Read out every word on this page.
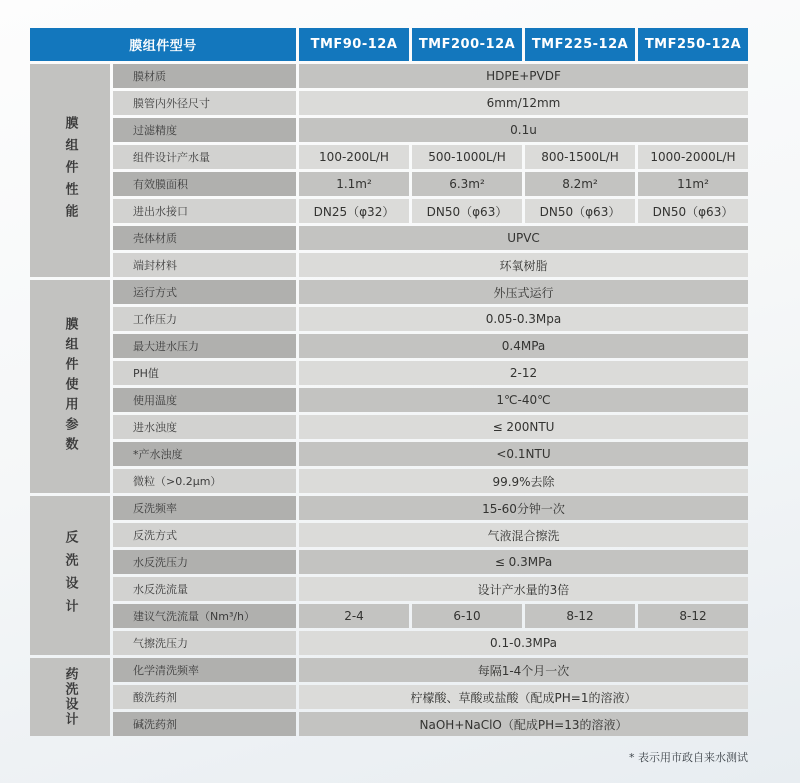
膜组件型号	TMF90-12A	TMF200-12A	TMF225-12A	TMF250-12A
膜组件性能
膜材质	HDPE+PVDF
膜管内外径尺寸	6mm/12mm
过滤精度	0.1u
组件设计产水量	100-200L/H	500-1000L/H	800-1500L/H	1000-2000L/H
有效膜面积	1.1m²	6.3m²	8.2m²	11m²
进出水接口	DN25（φ32）	DN50（φ63）	DN50（φ63）	DN50（φ63）
壳体材质	UPVC
端封材料	环氧树脂
膜组件使用参数
运行方式	外压式运行
工作压力	0.05-0.3Mpa
最大进水压力	0.4MPa
PH值	2-12
使用温度	1℃-40℃
进水浊度	≤ 200NTU
*产水浊度	<0.1NTU
微粒（>0.2μm）	99.9%去除
反洗设计
反洗频率	15-60分钟一次
反洗方式	气液混合擦洗
水反洗压力	≤ 0.3MPa
水反洗流量	设计产水量的3倍
建议气洗流量（Nm³/h）	2-4	6-10	8-12	8-12
气擦洗压力	0.1-0.3MPa
药洗设计	化学清洗频率	每隔1-4个月一次
酸洗药剂	柠檬酸、草酸或盐酸（配成PH=1的溶液）
碱洗药剂	NaOH+NaClO（配成PH=13的溶液）
* 表示用市政自来水测试
